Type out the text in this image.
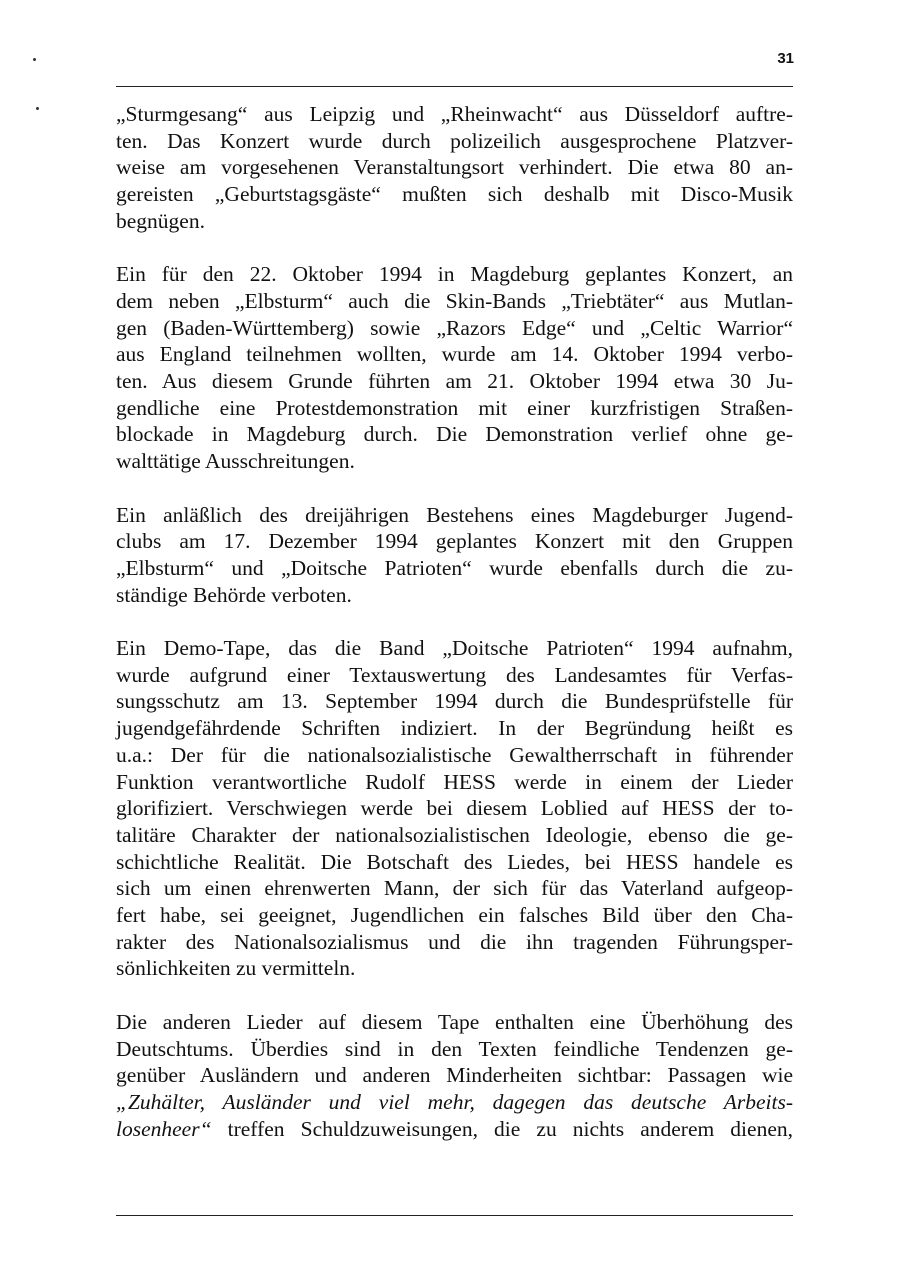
31

„Sturmgesang“ aus Leipzig und „Rheinwacht“ aus Düsseldorf auftre-
ten. Das Konzert wurde durch polizeilich ausgesprochene Platzver-
weise am vorgesehenen Veranstaltungsort verhindert. Die etwa 80 an-
gereisten „Geburtstagsgäste“ mußten sich deshalb mit Disco-Musik
begnügen.

Ein für den 22. Oktober 1994 in Magdeburg geplantes Konzert, an
dem neben „Elbsturm“ auch die Skin-Bands „Triebtäter“ aus Mutlan-
gen (Baden-Württemberg) sowie „Razors Edge“ und „Celtic Warrior“
aus England teilnehmen wollten, wurde am 14. Oktober 1994 verbo-
ten. Aus diesem Grunde führten am 21. Oktober 1994 etwa 30 Ju-
gendliche eine Protestdemonstration mit einer kurzfristigen Straßen-
blockade in Magdeburg durch. Die Demonstration verlief ohne ge-
walttätige Ausschreitungen.

Ein anläßlich des dreijährigen Bestehens eines Magdeburger Jugend-
clubs am 17. Dezember 1994 geplantes Konzert mit den Gruppen
„Elbsturm“ und „Doitsche Patrioten“ wurde ebenfalls durch die zu-
ständige Behörde verboten.

Ein Demo-Tape, das die Band „Doitsche Patrioten“ 1994 aufnahm,
wurde aufgrund einer Textauswertung des Landesamtes für Verfas-
sungsschutz am 13. September 1994 durch die Bundesprüfstelle für
jugendgefährdende Schriften indiziert. In der Begründung heißt es
u.a.: Der für die nationalsozialistische Gewaltherrschaft in führender
Funktion verantwortliche Rudolf HESS werde in einem der Lieder
glorifiziert. Verschwiegen werde bei diesem Loblied auf HESS der to-
talitäre Charakter der nationalsozialistischen Ideologie, ebenso die ge-
schichtliche Realität. Die Botschaft des Liedes, bei HESS handele es
sich um einen ehrenwerten Mann, der sich für das Vaterland aufgeop-
fert habe, sei geeignet, Jugendlichen ein falsches Bild über den Cha-
rakter des Nationalsozialismus und die ihn tragenden Führungsper-
sönlichkeiten zu vermitteln.

Die anderen Lieder auf diesem Tape enthalten eine Überhöhung des
Deutschtums. Überdies sind in den Texten feindliche Tendenzen ge-
genüber Ausländern und anderen Minderheiten sichtbar: Passagen wie
„Zuhälter, Ausländer und viel mehr, dagegen das deutsche Arbeits-
losenheer“ treffen Schuldzuweisungen, die zu nichts anderem dienen,
